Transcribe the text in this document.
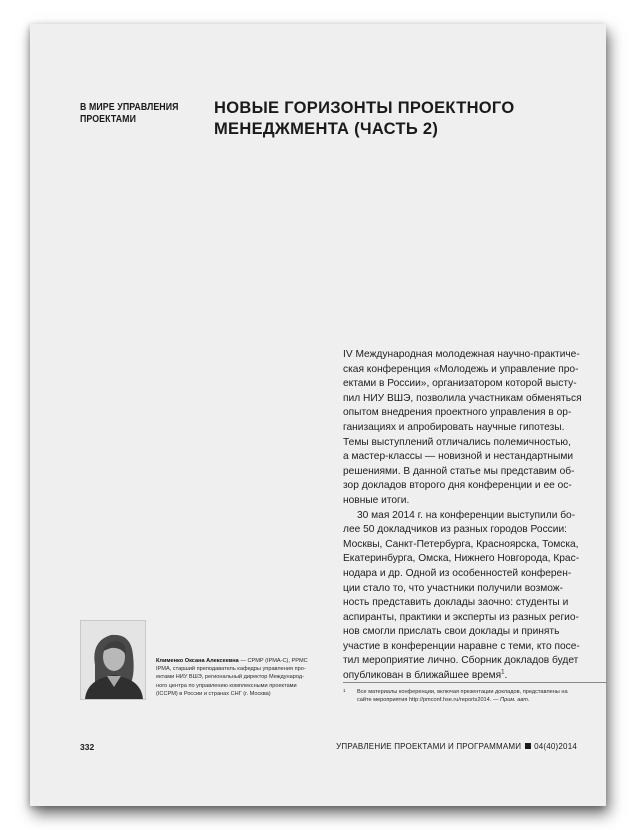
В МИРЕ УПРАВЛЕНИЯ
ПРОЕКТАМИ
НОВЫЕ ГОРИЗОНТЫ ПРОЕКТНОГО
МЕНЕДЖМЕНТА (ЧАСТЬ 2)

IV Международная молодежная научно-практиче-
ская конференция «Молодежь и управление про-
ектами в России», организатором которой высту-
пил НИУ ВШЭ, позволила участникам обменяться
опытом внедрения проектного управления в ор-
ганизациях и апробировать научные гипотезы.
Темы выступлений отличались полемичностью,
а мастер-классы — новизной и нестандартными
решениями. В данной статье мы представим об-
зор докладов второго дня конференции и ее ос-
новные итоги.

30 мая 2014 г. на конференции выступили бо-

лее 50 докладчиков из разных городов России:
Москвы, Санкт-Петербурга, Красноярска, Томска,
Екатеринбурга, Омска, Нижнего Новгорода, Крас-
нодара и др. Одной из особенностей конферен-
ции стало то, что участники получили возмож-
ность представить доклады заочно: студенты и
аспиранты, практики и эксперты из разных регио-
нов смогли прислать свои доклады и принять
участие в конференции наравне с теми, кто посе-
тил мероприятие лично. Сборник докладов будет
опубликован в ближайшее время$^1$.

Клименко Оксана Алексеевна — CPMP (IPMA-C), PPMC
IPMA, старший преподаватель кафедры управления про-
ектами НИУ ВШЭ, региональный директор Международ-
ного центра по управлению комплексными проектами
(ICCPM) в России и странах СНГ (г. Москва)
1	Все материалы конференции, включая презентации докладов, представлены на
сайте мероприятия http://pmconf.hse.ru/reports2014. — Прим. авт.
332	УПРАВЛЕНИЕ ПРОЕКТАМИ И ПРОГРАММАМИ 04(40)2014
